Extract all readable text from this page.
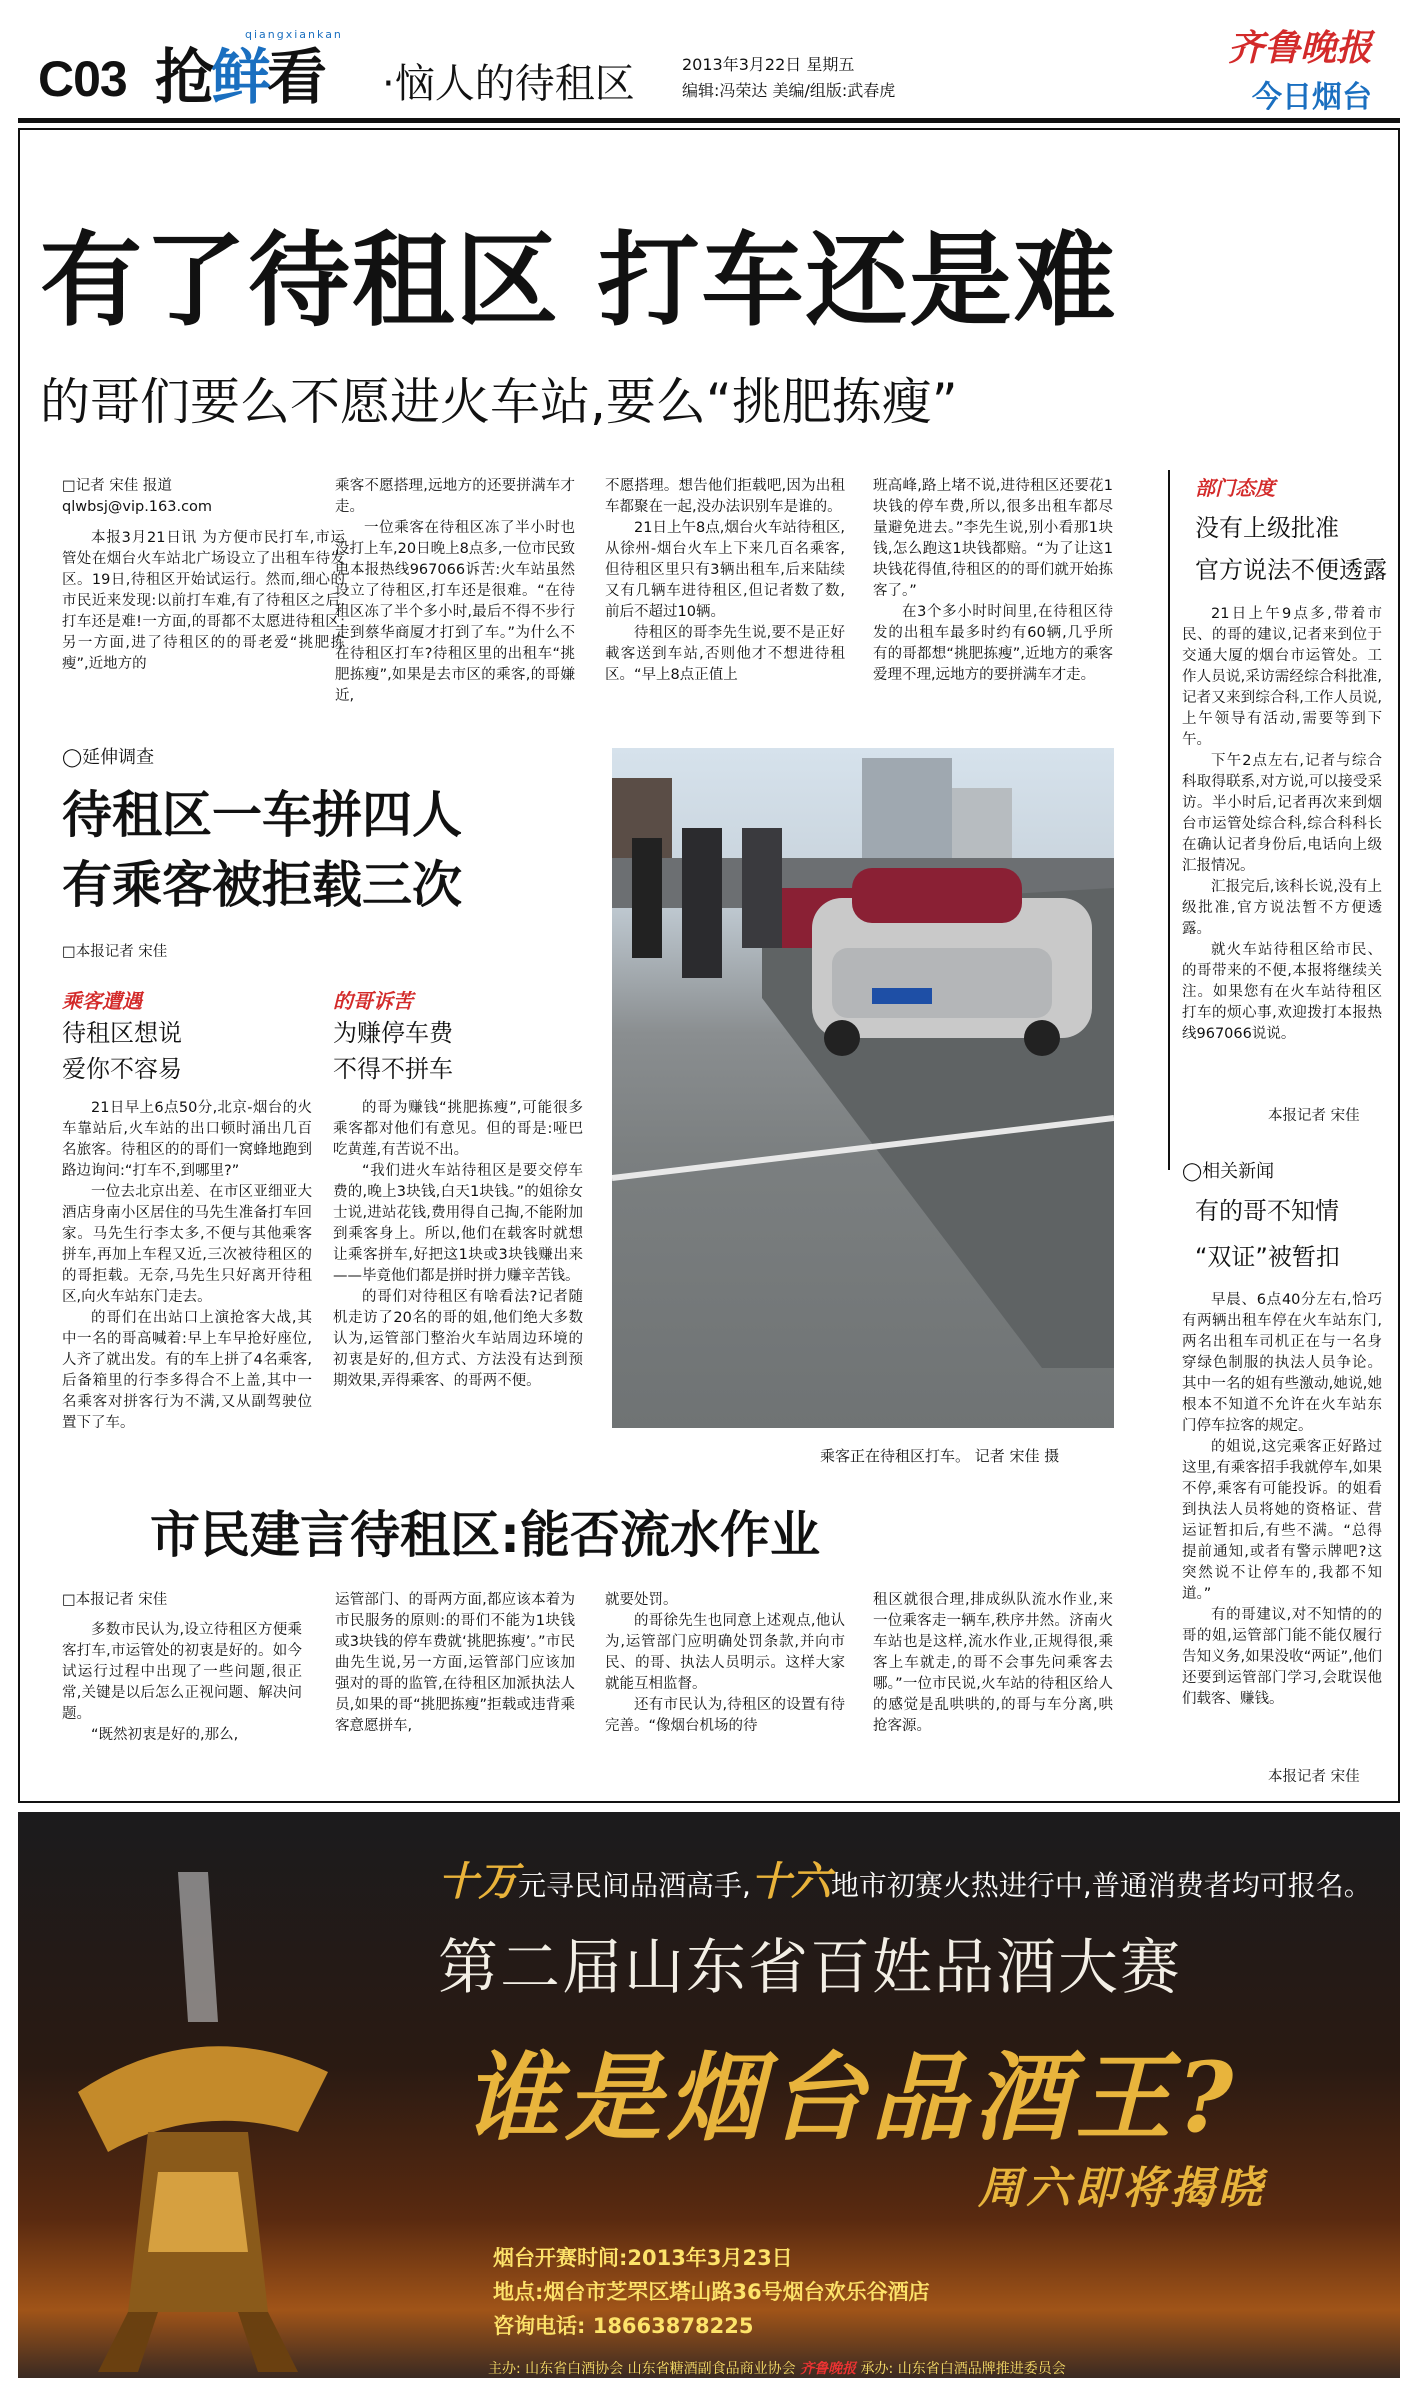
C03 抢鲜看
qiangxiankan
·恼人的待租区	2013年3月22日 星期五
编辑:冯荣达 美编/组版:武春虎
齐鲁晚报
今日烟台
有了待租区 打车还是难
的哥们要么不愿进火车站,要么“挑肥拣瘦”
□记者 宋佳 报道
qlwbsj@vip.163.com

本报3月21日讯 为方便市民打车,市运管处在烟台火车站北广场设立了出租车待发区。19日,待租区开始试运行。然而,细心的市民近来发现:以前打车难,有了待租区之后,打车还是难!一方面,的哥都不太愿进待租区;另一方面,进了待租区的的哥老爱“挑肥拣瘦”,近地方的

乘客不愿搭理,远地方的还要拼满车才走。

一位乘客在待租区冻了半小时也没打上车,20日晚上8点多,一位市民致电本报热线967066诉苦:火车站虽然设立了待租区,打车还是很难。“在待租区冻了半个多小时,最后不得不步行走到蔡华商厦才打到了车。”为什么不在待租区打车?待租区里的出租车“挑肥拣瘦”,如果是去市区的乘客,的哥嫌近,

不愿搭理。想告他们拒载吧,因为出租车都聚在一起,没办法识别车是谁的。

21日上午8点,烟台火车站待租区,从徐州-烟台火车上下来几百名乘客,但待租区里只有3辆出租车,后来陆续又有几辆车进待租区,但记者数了数,前后不超过10辆。

待租区的哥李先生说,要不是正好載客送到车站,否则他才不想进待租区。“早上8点正值上

班高峰,路上堵不说,进待租区还要花1块钱的停车费,所以,很多出租车都尽量避免进去。”李先生说,别小看那1块钱,怎么跑这1块钱都赔。“为了让这1块钱花得值,待租区的的哥们就开始拣客了。”

在3个多小时时间里,在待租区待发的出租车最多时约有60辆,几乎所有的哥都想“挑肥拣瘦”,近地方的乘客爱理不理,远地方的要拼满车才走。

部门态度
没有上级批准
官方说法不便透露

21日上午9点多,带着市民、的哥的建议,记者来到位于交通大厦的烟台市运管处。工作人员说,采访需经综合科批准,记者又来到综合科,工作人员说,上午领导有活动,需要等到下午。

下午2点左右,记者与综合科取得联系,对方说,可以接受采访。半小时后,记者再次来到烟台市运管处综合科,综合科科长在确认记者身份后,电话向上级汇报情况。

汇报完后,该科长说,没有上级批准,官方说法暂不方便透露。

就火车站待租区给市民、的哥带来的不便,本报将继续关注。如果您有在火车站待租区打车的烦心事,欢迎拨打本报热线967066说说。

本报记者 宋佳
◯延伸调查
待租区一车拼四人
有乘客被拒载三次
□本报记者 宋佳
乘客遭遇
待租区想说
爱你不容易

21日早上6点50分,北京-烟台的火车靠站后,火车站的出口顿时涌出几百名旅客。待租区的的哥们一窝蜂地跑到路边询问:“打车不,到哪里?”

一位去北京出差、在市区亚细亚大酒店身南小区居住的马先生准备打车回家。马先生行李太多,不便与其他乘客拼车,再加上车程又近,三次被待租区的的哥拒载。无奈,马先生只好离开待租区,向火车站东门走去。

的哥们在出站口上演抢客大战,其中一名的哥高喊着:早上车早抢好座位,人齐了就出发。有的车上拼了4名乘客,后备箱里的行李多得合不上盖,其中一名乘客对拼客行为不满,又从副驾驶位置下了车。

的哥诉苦
为赚停车费
不得不拼车

的哥为赚钱“挑肥拣瘦”,可能很多乘客都对他们有意见。但的哥是:哑巴吃黄莲,有苦说不出。

“我们进火车站待租区是要交停车费的,晚上3块钱,白天1块钱。”的姐徐女士说,进站花钱,费用得自己掏,不能附加到乘客身上。所以,他们在载客时就想让乘客拼车,好把这1块或3块钱赚出来——毕竟他们都是拼时拼力赚辛苦钱。

的哥们对待租区有啥看法?记者随机走访了20名的哥的姐,他们绝大多数认为,运管部门整治火车站周边环境的初衷是好的,但方式、方法没有达到预期效果,弄得乘客、的哥两不便。

乘客正在待租区打车。 记者 宋佳 摄
市民建言待租区:能否流水作业
□本报记者 宋佳

多数市民认为,设立待租区方便乘客打车,市运管处的初衷是好的。如今试运行过程中出现了一些问题,很正常,关键是以后怎么正视问题、解决问题。

“既然初衷是好的,那么,

运管部门、的哥两方面,都应该本着为市民服务的原则:的哥们不能为1块钱或3块钱的停车费就‘挑肥拣瘦’。”市民曲先生说,另一方面,运管部门应该加强对的哥的监管,在待租区加派执法人员,如果的哥“挑肥拣瘦”拒载或违背乘客意愿拼车,

就要处罚。

的哥徐先生也同意上述观点,他认为,运管部门应明确处罚条款,并向市民、的哥、执法人员明示。这样大家就能互相监督。

还有市民认为,待租区的设置有待完善。“像烟台机场的待

租区就很合理,排成纵队流水作业,来一位乘客走一辆车,秩序井然。济南火车站也是这样,流水作业,正规得很,乘客上车就走,的哥不会事先问乘客去哪。”一位市民说,火车站的待租区给人的感觉是乱哄哄的,的哥与车分离,哄抢客源。

◯相关新闻
有的哥不知情
“双证”被暂扣

早晨、6点40分左右,恰巧有两辆出租车停在火车站东门,两名出租车司机正在与一名身穿绿色制服的执法人员争论。其中一名的姐有些激动,她说,她根本不知道不允许在火车站东门停车拉客的规定。

的姐说,这完乘客正好路过这里,有乘客招手我就停车,如果不停,乘客有可能投诉。的姐看到执法人员将她的资格证、营运证暂扣后,有些不满。“总得提前通知,或者有警示牌吧?这突然说不让停车的,我都不知道。”

有的哥建议,对不知情的的哥的姐,运管部门能不能仅履行告知义务,如果没收“两证”,他们还要到运管部门学习,会耽误他们载客、赚钱。

本报记者 宋佳
十万元寻民间品酒高手,十六地市初赛火热进行中,普通消费者均可报名。
第二届山东省百姓品酒大赛
谁是烟台品酒王?
周六即将揭晓
烟台开赛时间:2013年3月23日
地点:烟台市芝罘区塔山路36号烟台欢乐谷酒店
咨询电话: 18663878225
主办: 山东省白酒协会 山东省糖酒副食品商业协会 齐鲁晚报 承办: 山东省白酒品牌推进委员会
